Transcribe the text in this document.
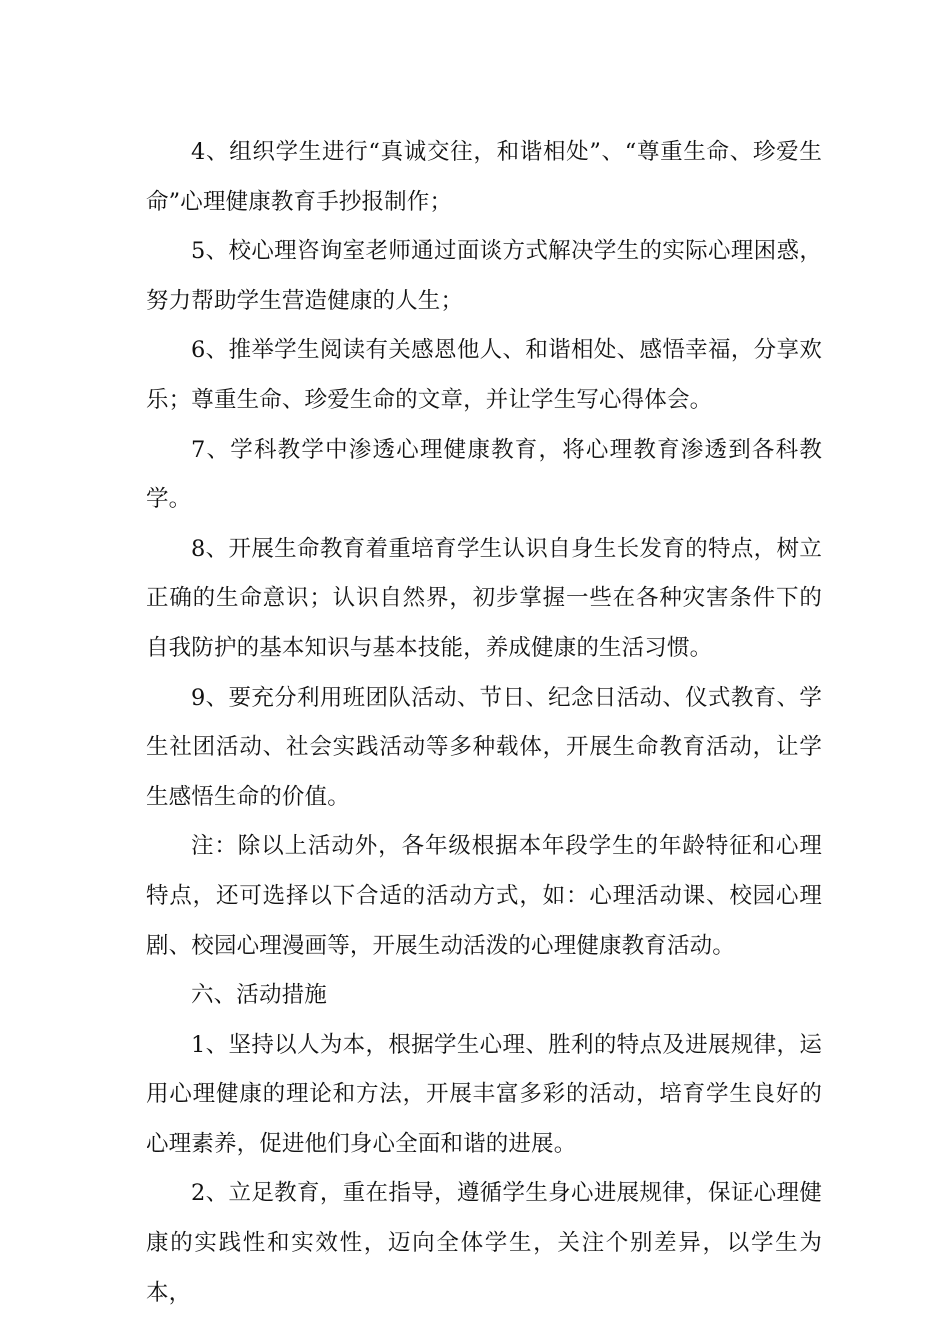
4、组织学生进行“真诚交往，和谐相处”、“尊重生命、珍爱生命”心理健康教育手抄报制作；

5、校心理咨询室老师通过面谈方式解决学生的实际心理困惑，努力帮助学生营造健康的人生；

6、推举学生阅读有关感恩他人、和谐相处、感悟幸福，分享欢乐；尊重生命、珍爱生命的文章，并让学生写心得体会。

7、学科教学中渗透心理健康教育，将心理教育渗透到各科教学。

8、开展生命教育着重培育学生认识自身生长发育的特点，树立正确的生命意识；认识自然界，初步掌握一些在各种灾害条件下的自我防护的基本知识与基本技能，养成健康的生活习惯。

9、要充分利用班团队活动、节日、纪念日活动、仪式教育、学生社团活动、社会实践活动等多种载体，开展生命教育活动，让学生感悟生命的价值。

注：除以上活动外，各年级根据本年段学生的年龄特征和心理特点，还可选择以下合适的活动方式，如：心理活动课、校园心理剧、校园心理漫画等，开展生动活泼的心理健康教育活动。

六、活动措施

1、坚持以人为本，根据学生心理、胜利的特点及进展规律，运用心理健康的理论和方法，开展丰富多彩的活动，培育学生良好的心理素养，促进他们身心全面和谐的进展。

2、立足教育，重在指导，遵循学生身心进展规律，保证心理健康的实践性和实效性，迈向全体学生，关注个别差异，以学生为本，
